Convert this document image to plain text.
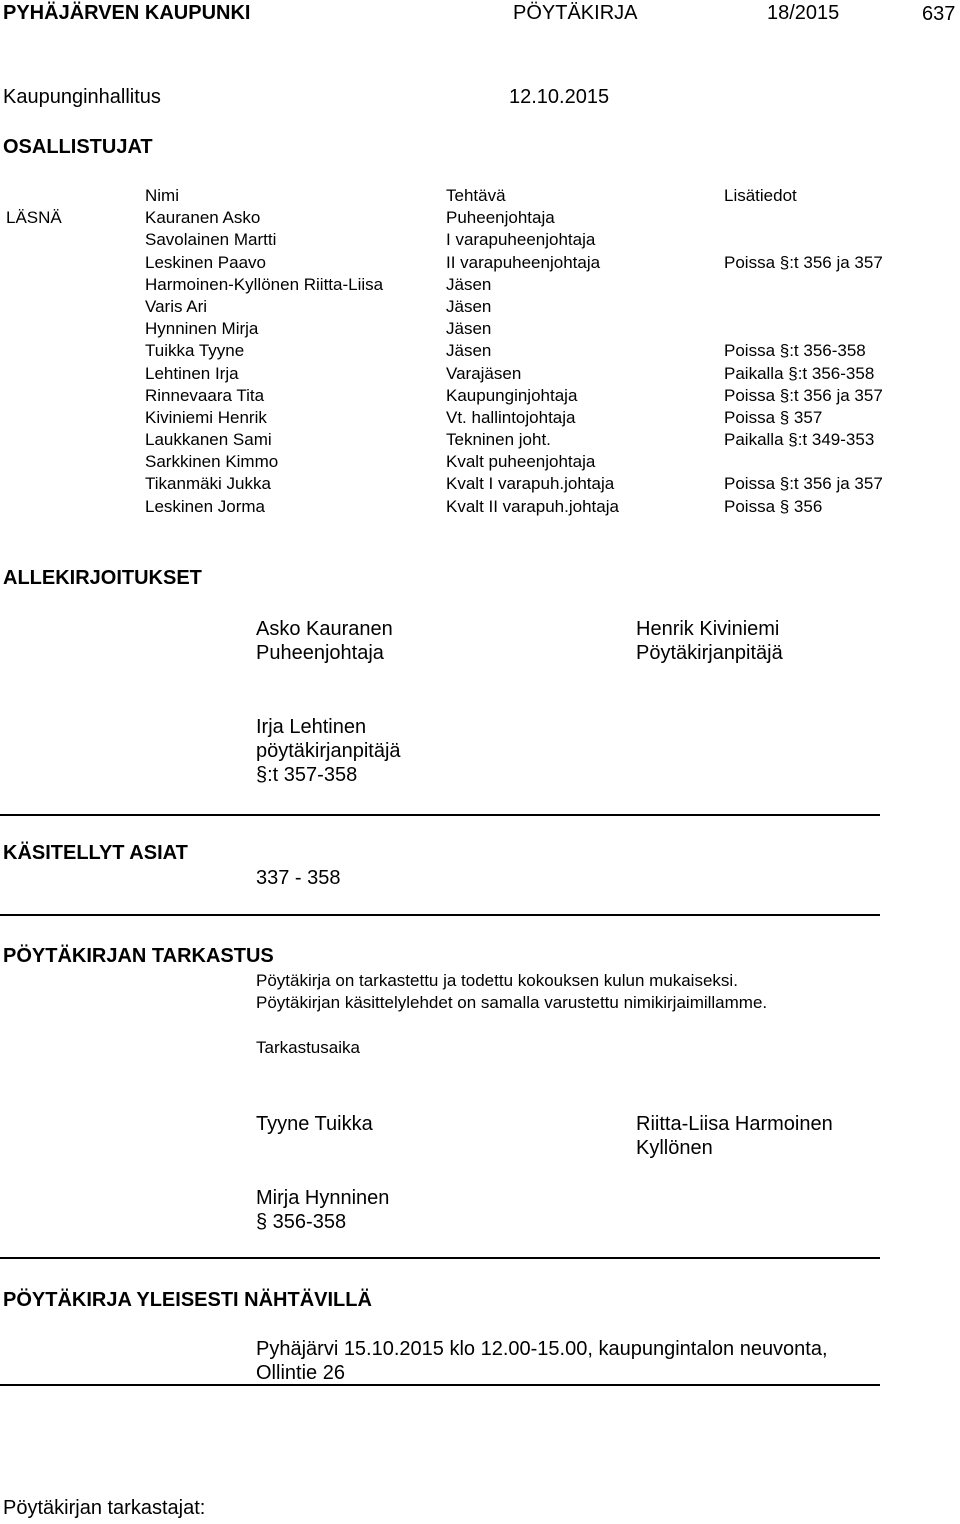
PYHÄJÄRVEN KAUPUNKI	PÖYTÄKIRJA	18/2015	637
Kaupunginhallitus	12.10.2015
OSALLISTUJAT
Nimi	Tehtävä	Lisätiedot
LÄSNÄ	Kauranen Asko	Puheenjohtaja
Savolainen Martti	I varapuheenjohtaja
Leskinen Paavo	II varapuheenjohtaja	Poissa §:t 356 ja 357
Harmoinen-Kyllönen Riitta-Liisa	Jäsen
Varis Ari	Jäsen
Hynninen Mirja	Jäsen
Tuikka Tyyne	Jäsen	Poissa §:t 356-358
Lehtinen Irja	Varajäsen	Paikalla §:t 356-358
Rinnevaara Tita	Kaupunginjohtaja	Poissa §:t 356 ja 357
Kiviniemi Henrik	Vt. hallintojohtaja	Poissa § 357
Laukkanen Sami	Tekninen joht.	Paikalla §:t 349-353
Sarkkinen Kimmo	Kvalt puheenjohtaja
Tikanmäki Jukka	Kvalt I varapuh.johtaja	Poissa §:t 356 ja 357
Leskinen Jorma	Kvalt II varapuh.johtaja	Poissa § 356
ALLEKIRJOITUKSET
Asko Kauranen
Puheenjohtaja
Henrik Kiviniemi
Pöytäkirjanpitäjä
Irja Lehtinen
pöytäkirjanpitäjä
§:t 357-358
KÄSITELLYT ASIAT
337 - 358
PÖYTÄKIRJAN TARKASTUS
Pöytäkirja on tarkastettu ja todettu kokouksen kulun mukaiseksi.
Pöytäkirjan käsittelylehdet on samalla varustettu nimikirjaimillamme.
Tarkastusaika
Tyyne Tuikka	Riitta-Liisa Harmoinen
Kyllönen
Mirja Hynninen
§ 356-358
PÖYTÄKIRJA YLEISESTI NÄHTÄVILLÄ
Pyhäjärvi 15.10.2015 klo 12.00-15.00, kaupungintalon neuvonta,
Ollintie 26
Pöytäkirjan tarkastajat:
